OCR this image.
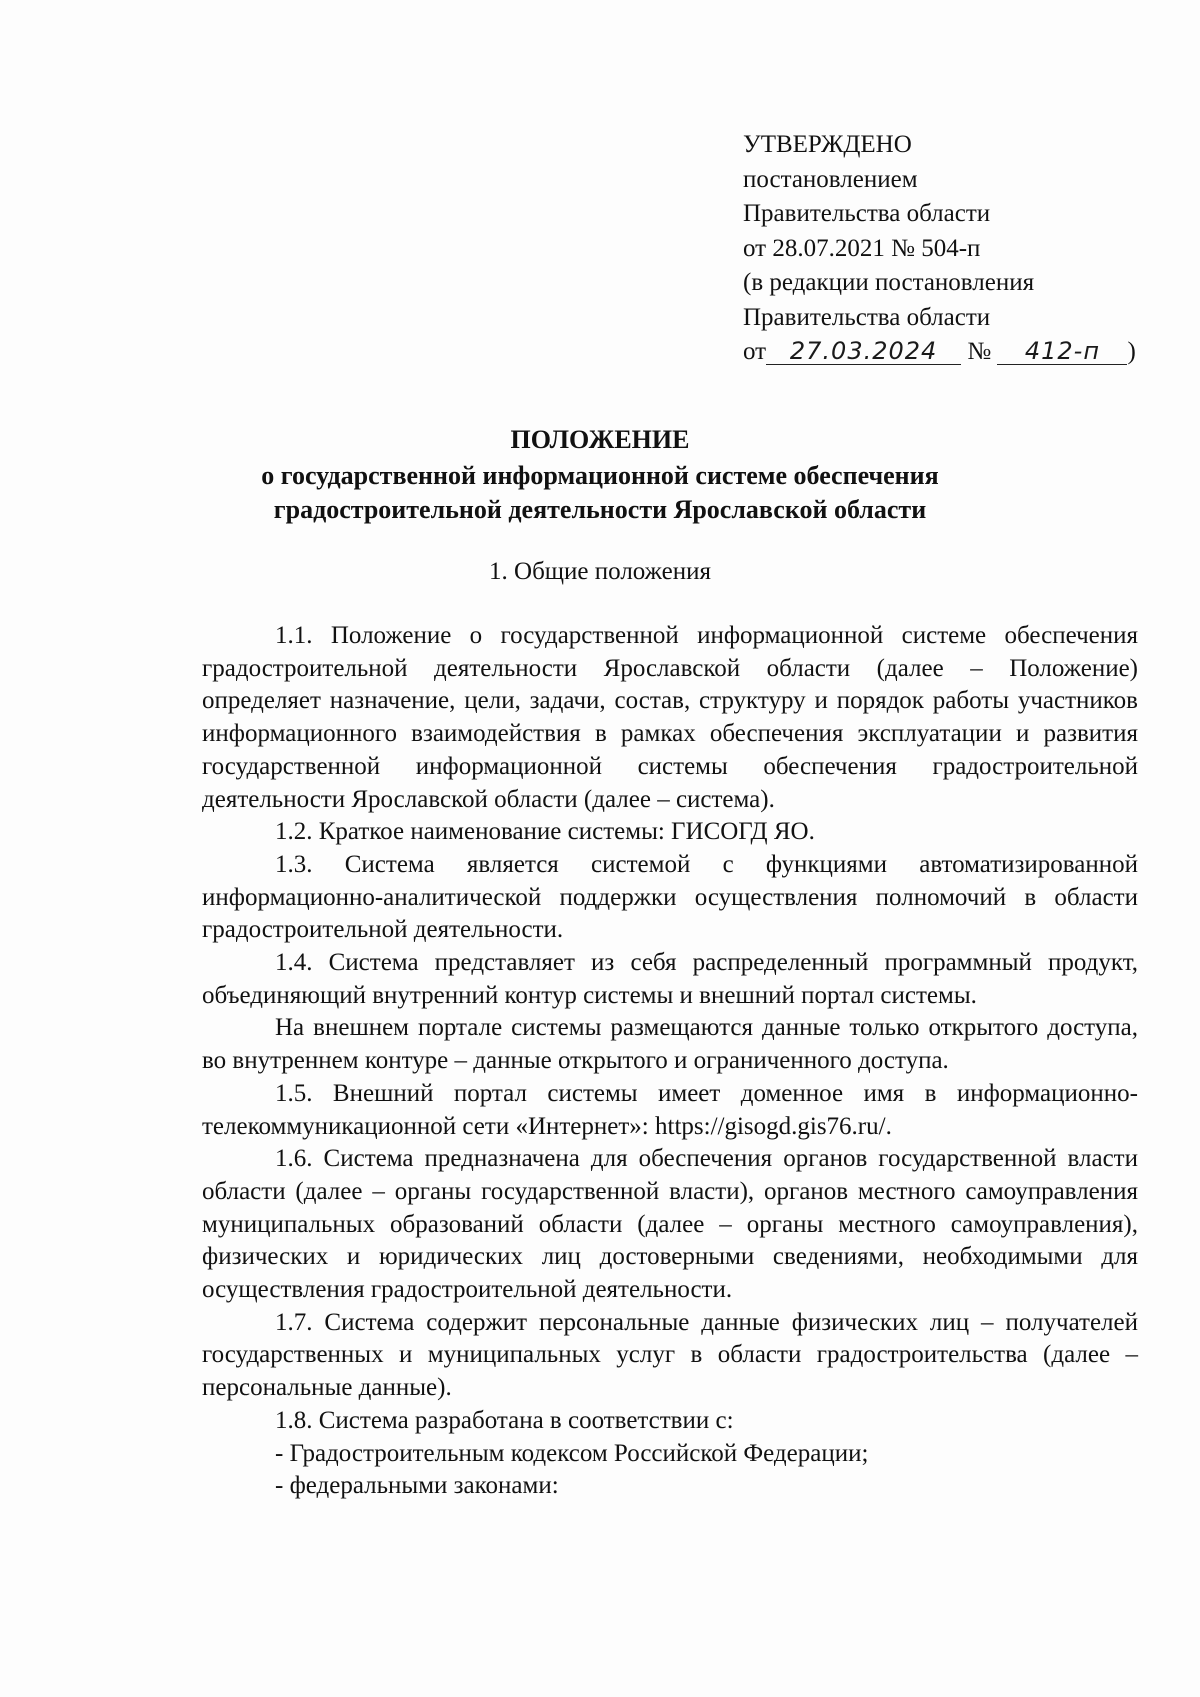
УТВЕРЖДЕНО
постановлением
Правительства области
от 28.07.2021 № 504-п
(в редакции постановления
Правительства области
от 27.03.2024 № 412-п )
ПОЛОЖЕНИЕ
о государственной информационной системе обеспечения
градостроительной деятельности Ярославской области
1. Общие положения

1.1. Положение о государственной информационной системе обеспечения градостроительной деятельности Ярославской области (далее – Положение) определяет назначение, цели, задачи, состав, структуру и порядок работы участников информационного взаимодействия в рамках обеспечения эксплуатации и развития государственной информационной системы обеспечения градостроительной деятельности Ярославской области (далее – система).

1.2. Краткое наименование системы: ГИСОГД ЯО.

1.3. Система является системой с функциями автоматизированной информационно-аналитической поддержки осуществления полномочий в области градостроительной деятельности.

1.4. Система представляет из себя распределенный программный продукт, объединяющий внутренний контур системы и внешний портал системы.

На внешнем портале системы размещаются данные только открытого доступа, во внутреннем контуре – данные открытого и ограниченного доступа.

1.5. Внешний портал системы имеет доменное имя в информационно-телекоммуникационной сети «Интернет»: https://gisogd.gis76.ru/.

1.6. Система предназначена для обеспечения органов государственной власти области (далее – органы государственной власти), органов местного самоуправления муниципальных образований области (далее – органы местного самоуправления), физических и юридических лиц достоверными сведениями, необходимыми для осуществления градостроительной деятельности.

1.7. Система содержит персональные данные физических лиц – получателей государственных и муниципальных услуг в области градостроительства (далее – персональные данные).

1.8. Система разработана в соответствии с:

- Градостроительным кодексом Российской Федерации;

- федеральными законами:
